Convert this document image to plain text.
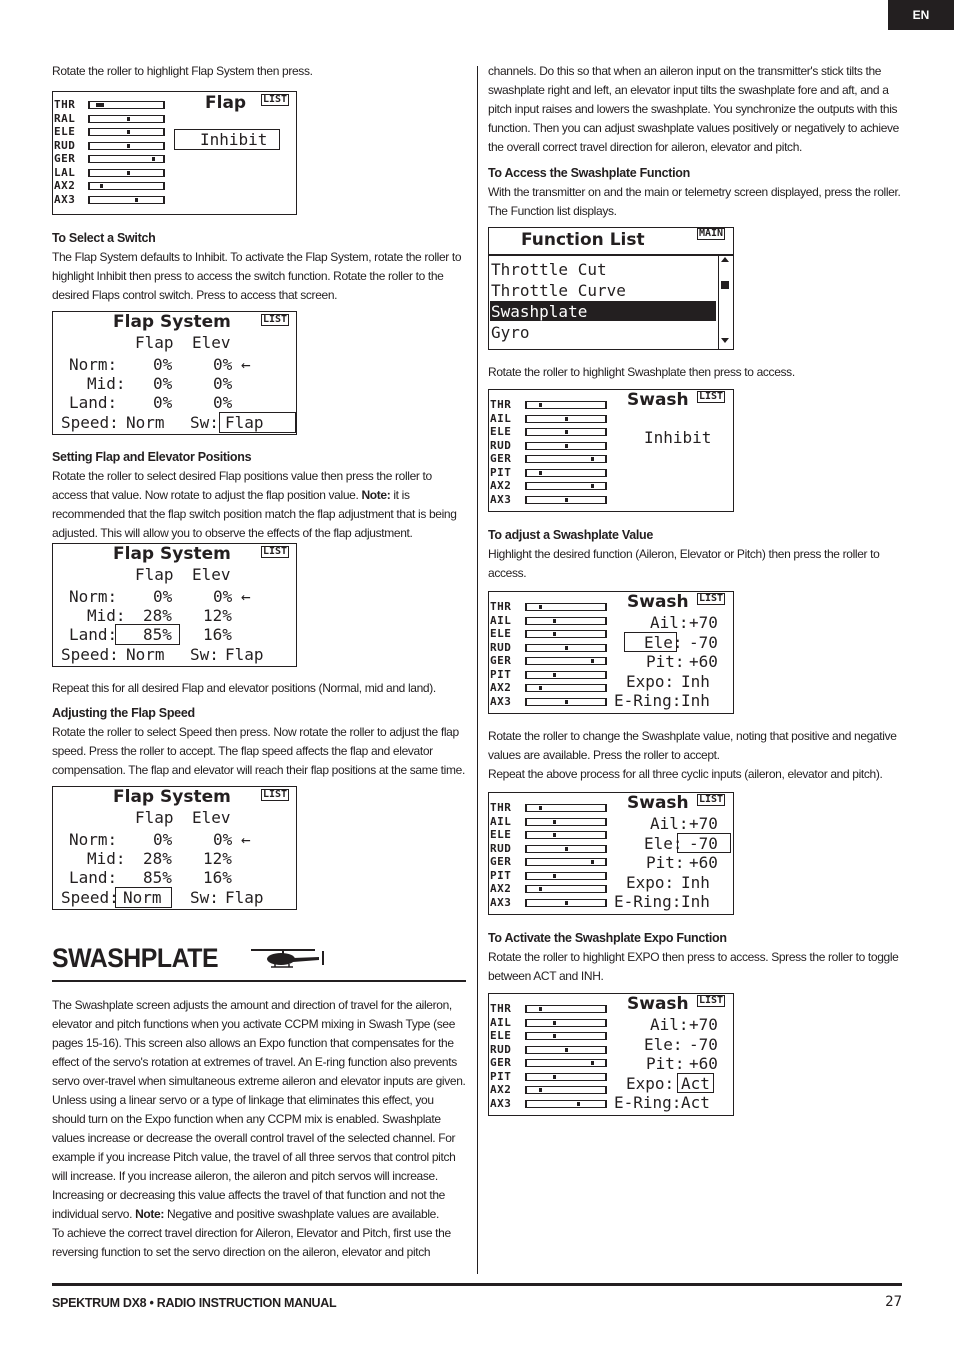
EN

Rotate the roller to highlight Flap System then press.

THR
RAL
ELE
RUD
GER
LAL
AX2
AX3
Flap LIST
Inhibit
To Select a Switch

The Flap System defaults to Inhibit. To activate the Flap System, rotate the roller to highlight Inhibit then press to access the switch function. Rotate the roller to the desired Flaps control switch. Press to access that screen.

Flap System	LIST
Flap Elev
Norm: 0%	0% ←
Mid: 0%	0%
Land: 0%	0%
Speed: Norm Sw: Flap
Setting Flap and Elevator Positions

Rotate the roller to select desired Flap positions value then press the roller to access that value. Now rotate to adjust the flap position value. Note: it is recommended that the flap switch position match the flap adjustment that is being adjusted. This will allow you to observe the effects of the flap adjustment.

Flap System	LIST
Flap Elev
Norm: 0%	0% ←
Mid: 28% 12%
Land: 85% 16%
Speed: Norm Sw: Flap

Repeat this for all desired Flap and elevator positions (Normal, mid and land).

Adjusting the Flap Speed

Rotate the roller to select Speed then press. Now rotate the roller to adjust the flap speed. Press the roller to accept. The flap speed affects the flap and elevator compensation. The flap and elevator will reach their flap positions at the same time.

Flap System	LIST
Flap Elev
Norm: 0%	0% ←
Mid: 28% 12%
Land: 85% 16%
Speed: Norm Sw: Flap
SWASHPLATE

The Swashplate screen adjusts the amount and direction of travel for the aileron, elevator and pitch functions when you activate CCPM mixing in Swash Type (see pages 15-16). This screen also allows an Expo function that compensates for the effect of the servo's rotation at extremes of travel. An E-ring function also prevents servo over-travel when simultaneous extreme aileron and elevator inputs are given. Unless using a linear servo or a type of linkage that eliminates this effect, you should turn on the Expo function when any CCPM mix is enabled. Swashplate values increase or decrease the overall control travel of the selected channel. For example if you increase Pitch value, the travel of all three servos that control pitch will increase. If you increase aileron, the aileron and pitch servos will increase. Increasing or decreasing this value affects the travel of that function and not the individual servo. Note: Negative and positive swashplate values are available.

To achieve the correct travel direction for Aileron, Elevator and Pitch, first use the reversing function to set the servo direction on the aileron, elevator and pitch

channels. Do this so that when an aileron input on the transmitter's stick tilts the swashplate right and left, an elevator input tilts the swashplate fore and aft, and a pitch input raises and lowers the swashplate. You synchronize the outputs with this function. Then you can adjust swashplate values positively or negatively to achieve the overall correct travel direction for aileron, elevator and pitch.

To Access the Swashplate Function

With the transmitter on and the main or telemetry screen displayed, press the roller. The Function list displays.

Function List	MAIN
Throttle Cut
Throttle Curve
Swashplate
Gyro

Rotate the roller to highlight Swashplate then press to access.

THR
AIL
ELE
RUD
GER
PIT
AX2
AX3
Swash LIST
Inhibit
To adjust a Swashplate Value

Highlight the desired function (Aileron, Elevator or Pitch) then press the roller to access.

THR
AIL
ELE
RUD
GER
PIT
AX2
AX3
Swash LIST
Ail: +70
Ele: -70
Pit: +60
Expo: Inh
E-Ring: Inh

Rotate the roller to change the Swashplate value, noting that positive and negative values are available. Press the roller to accept.

Repeat the above process for all three cyclic inputs (aileron, elevator and pitch).

THR
AIL
ELE
RUD
GER
PIT
AX2
AX3
Swash LIST
Ail: +70
Ele: -70
Pit: +60
Expo: Inh
E-Ring: Inh
To Activate the Swashplate Expo Function

Rotate the roller to highlight EXPO then press to access. Spress the roller to toggle between ACT and INH.

THR
AIL
ELE
RUD
GER
PIT
AX2
AX3
Swash LIST
Ail: +70
Ele: -70
Pit: +60
Expo: Act
E-Ring: Act
SPEKTRUM DX8 • RADIO INSTRUCTION MANUAL	27
